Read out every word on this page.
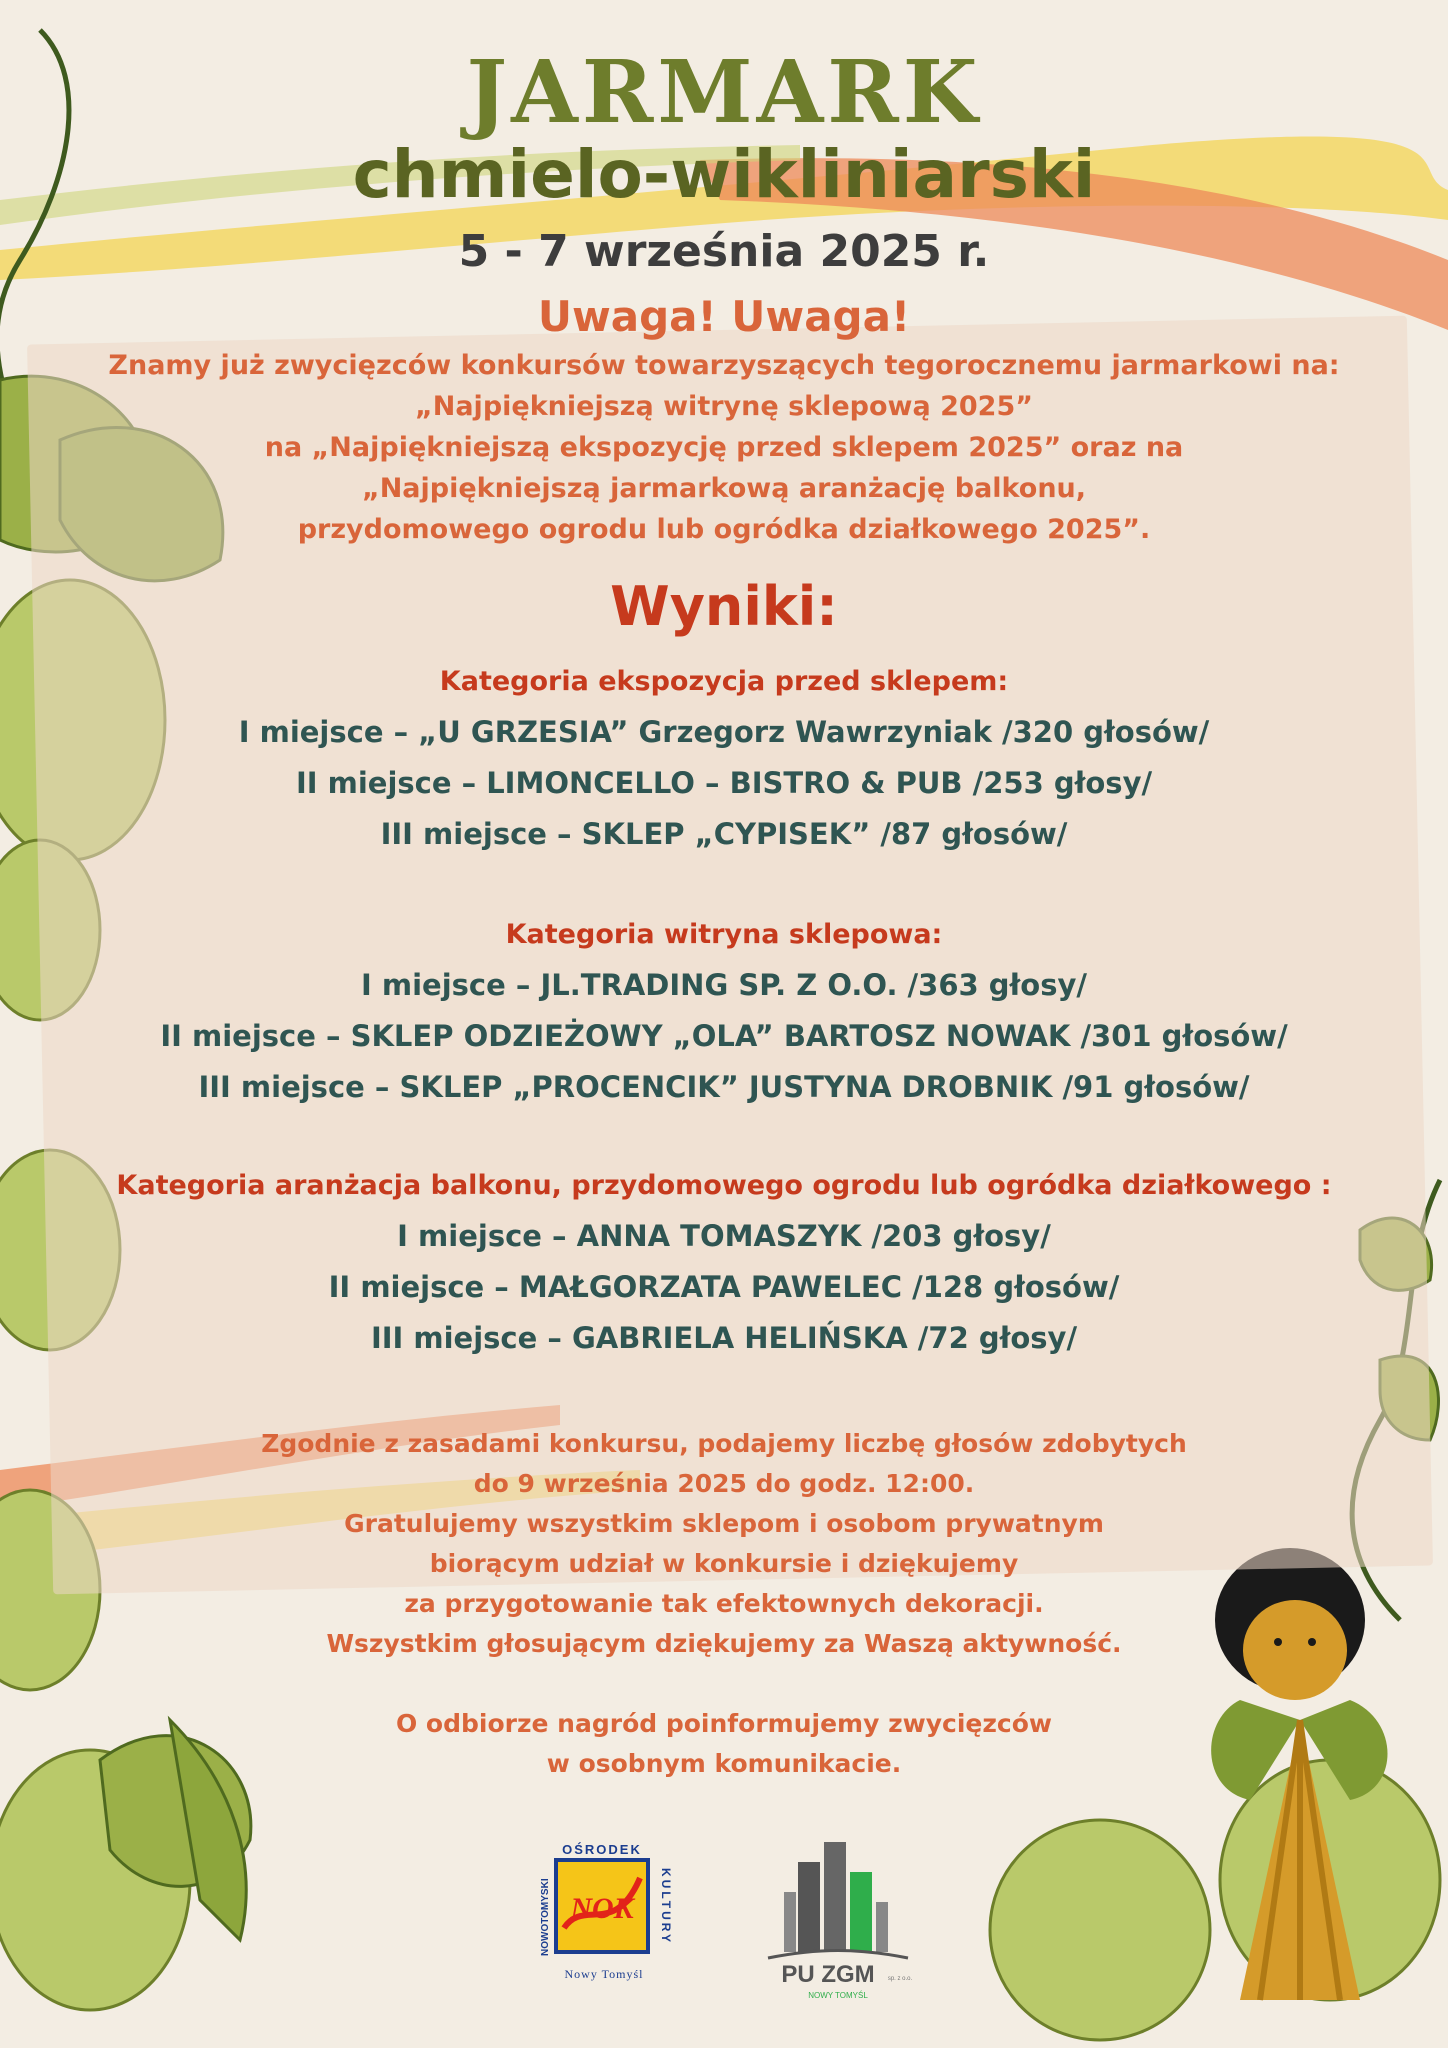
JARMARK
chmielo-wikliniarski
5 - 7 września 2025 r.
Uwaga! Uwaga!
Znamy już zwycięzców konkursów towarzyszących tegorocznemu jarmarkowi na:
„Najpiękniejszą witrynę sklepową 2025”
na „Najpiękniejszą ekspozycję przed sklepem 2025” oraz na
„Najpiękniejszą jarmarkową aranżację balkonu,
przydomowego ogrodu lub ogródka działkowego 2025”.
Wyniki:
Kategoria ekspozycja przed sklepem:
I miejsce – „U GRZESIA” Grzegorz Wawrzyniak /320 głosów/
II miejsce – LIMONCELLO – BISTRO & PUB /253 głosy/
III miejsce – SKLEP „CYPISEK” /87 głosów/
Kategoria witryna sklepowa:
I miejsce – JL.TRADING SP. Z O.O. /363 głosy/
II miejsce – SKLEP ODZIEŻOWY „OLA” BARTOSZ NOWAK /301 głosów/
III miejsce – SKLEP „PROCENCIK” JUSTYNA DROBNIK /91 głosów/
Kategoria aranżacja balkonu, przydomowego ogrodu lub ogródka działkowego :
I miejsce – ANNA TOMASZYK /203 głosy/
II miejsce – MAŁGORZATA PAWELEC /128 głosów/
III miejsce – GABRIELA HELIŃSKA /72 głosy/
Zgodnie z zasadami konkursu, podajemy liczbę głosów zdobytych
do 9 września 2025 do godz. 12:00.
Gratulujemy wszystkim sklepom i osobom prywatnym
biorącym udział w konkursie i dziękujemy
za przygotowanie tak efektownych dekoracji.
Wszystkim głosującym dziękujemy za Waszą aktywność.
O odbiorze nagród poinformujemy zwycięzców
w osobnym komunikacie.
OŚRODEK
KULTURY
NOWOTOMYSKI NOK
Nowy Tomyśl	PU ZGM sp. z o.o.
NOWY TOMYŚL
